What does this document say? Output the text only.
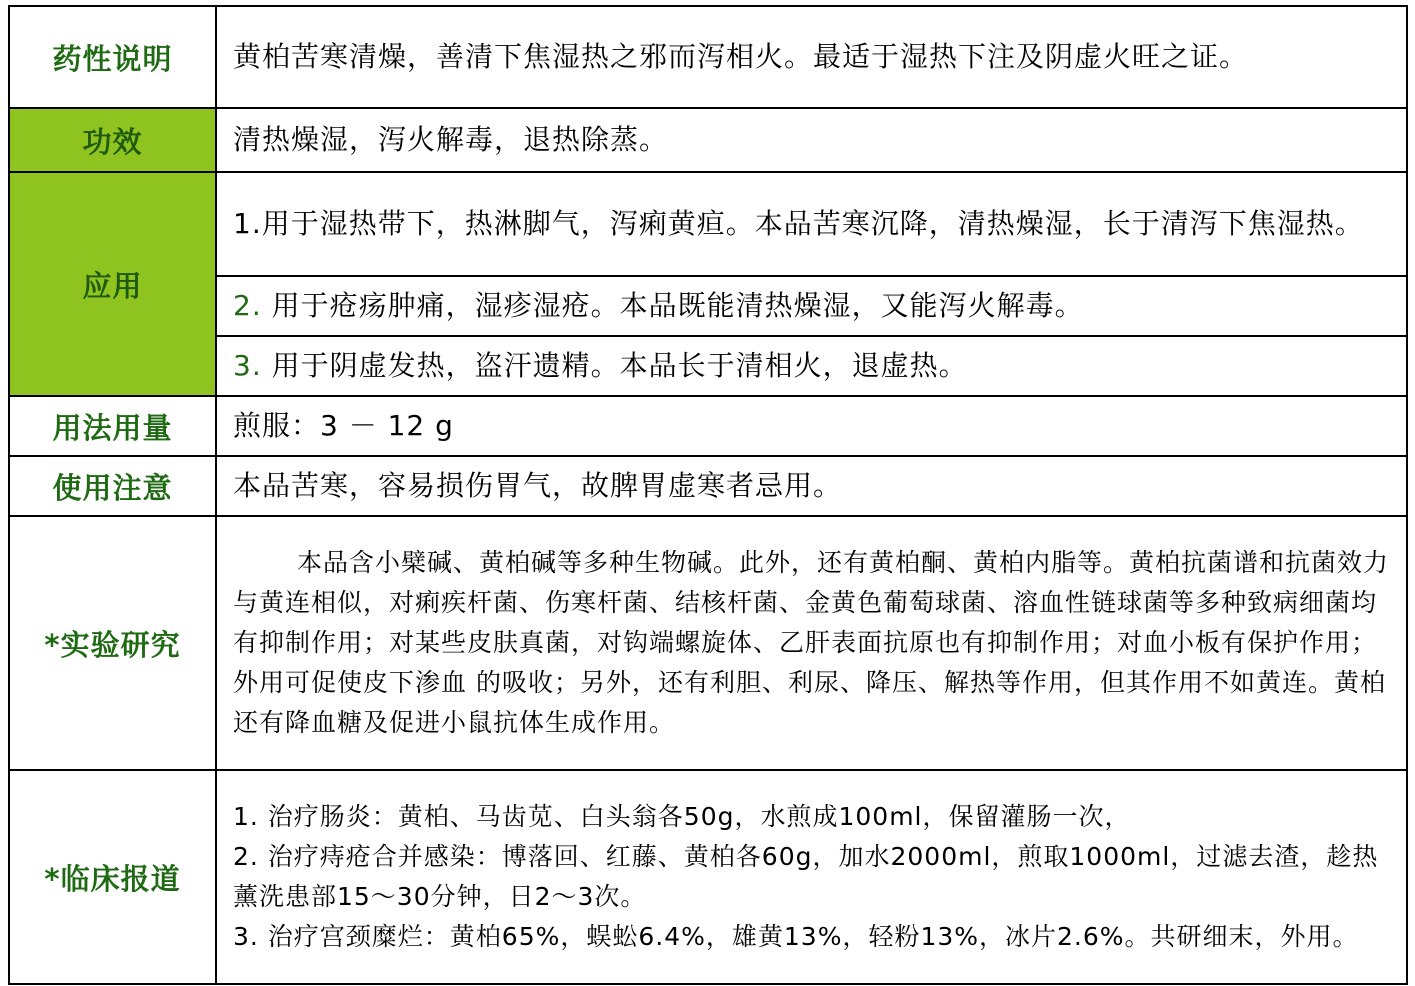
药性说明	黄柏苦寒清燥，善清下焦湿热之邪而泻相火。最适于湿热下注及阴虚火旺之证。
功效	清热燥湿，泻火解毒，退热除蒸。
应用	1.用于湿热带下，热淋脚气，泻痢黄疸。本品苦寒沉降，清热燥湿，长于清泻下焦湿热。
	2. 用于疮疡肿痛，湿疹湿疮。本品既能清热燥湿，又能泻火解毒。
	3. 用于阴虚发热，盗汗遗精。本品长于清相火，退虚热。
用法用量	煎服：3 － 12 g
使用注意	本品苦寒，容易损伤胃气，故脾胃虚寒者忌用。
*实验研究	本品含小檗碱、黄柏碱等多种生物碱。此外，还有黄柏酮、黄柏内脂等。黄柏抗菌谱和抗菌效力与黄连相似，对痢疾杆菌、伤寒杆菌、结核杆菌、金黄色葡萄球菌、溶血性链球菌等多种致病细菌均有抑制作用；对某些皮肤真菌，对钩端螺旋体、乙肝表面抗原也有抑制作用；对血小板有保护作用；外用可促使皮下渗血 的吸收；另外，还有利胆、利尿、降压、解热等作用，但其作用不如黄连。黄柏还有降血糖及促进小鼠抗体生成作用。
*临床报道	1. 治疗肠炎：黄柏、马齿苋、白头翁各50g，水煎成100ml，保留灌肠一次，
2. 治疗痔疮合并感染：博落回、红藤、黄柏各60g，加水2000ml，煎取1000ml，过滤去渣，趁热薰洗患部15～30分钟，日2～3次。
3. 治疗宫颈糜烂：黄柏65%，蜈蚣6.4%，雄黄13%，轻粉13%，冰片2.6%。共研细末，外用。
